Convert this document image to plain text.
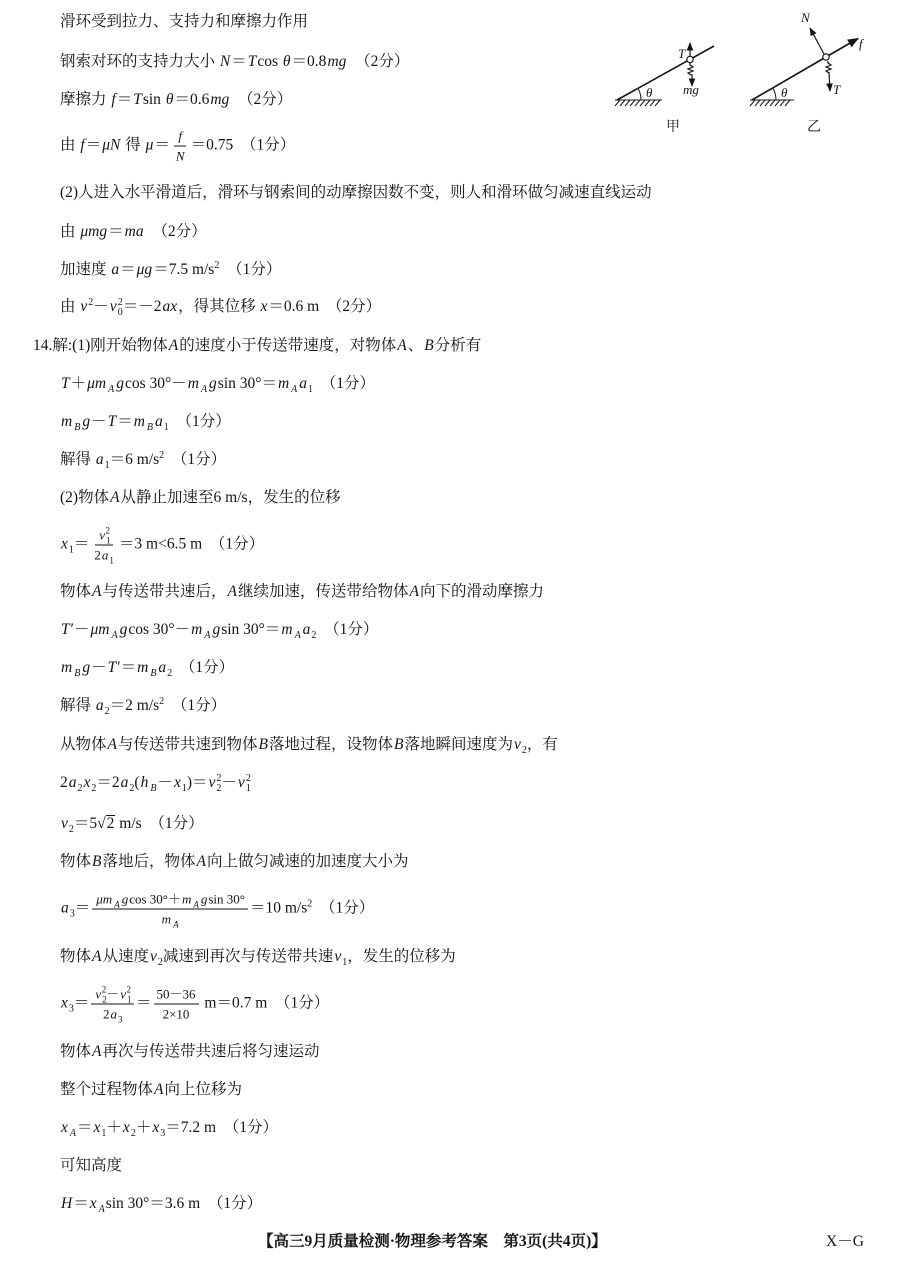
θ
T
mg
甲
f
θ
N
T
乙
滑环受到拉力、支持力和摩擦力作用
钢索对环的支持力大小 N＝Tcos θ＝0.8mg　（2分）
摩擦力 f＝Tsin θ＝0.6mg　（2分）
由 f＝μN 得 $\mu= \frac{f}{N} =0.75$　（1分）
(2)人进入水平滑道后，滑环与钢索间的动摩擦因数不变，则人和滑环做匀减速直线运动
由 μmg＝ma　（2分）
加速度 a＝μg＝7.5 $m/s^2$　（1分）
由 $v^2-v_0^2=-2ax$，得其位移 x＝0.6 m　（2分）
14.解:(1)刚开始物体A的速度小于传送带速度，对物体A、B分析有
T＋μm $_A$ gcos 30°－m $_A$ gsin 30°＝m $_A$ $a_1$　（1分）
m $_B$ g－T＝m $_B$ $a_1$　（1分）
解得 $a_1=6$ $m/s^2$　（1分）
(2)物体A从静止加速至6 m/s，发生的位移
$x_1= \frac{v_1^2}{2a_1} =3$ m<6.5 m　（1分）
物体A与传送带共速后，A继续加速，传送带给物体A向下的滑动摩擦力
T′－μm $_A$ gcos 30°－m $_A$ gsin 30°＝m $_A$ $a_2$　（1分）
m $_B$ g－T′＝m $_B$ $a_2$　（1分）
解得 $a_2=2$ $m/s^2$　（1分）
从物体A与传送带共速到物体B落地过程，设物体B落地瞬间速度为$v_2$，有
$2a_2x_2=2a_2(h$ $_B-x_1)=v_2^2-v_1^2$
$v_2=5√2$ m/s　（1分）
物体B落地后，物体A向上做匀减速的加速度大小为
$a_3= \frac{\mu m _A gcos 30^\circ+m _A gsin 30^\circ}{m _A} =10$ $m/s^2$　（1分）
物体A从速度$v_2$减速到再次与传送带共速$v_1$，发生的位移为
$x_3= \frac{v_2^2-v_1^2}{2a_3} = \frac{50-36}{2\times 10} m=0.7$ m　（1分）
物体A再次与传送带共速后将匀速运动
整个过程物体A向上位移为
x $_A=x_1+x_2+x_3=7.2$ m　（1分）
可知高度
H＝x $_A$sin 30°＝3.6 m　（1分）
【高三9月质量检测·物理参考答案　第3页(共4页)】	X－G
